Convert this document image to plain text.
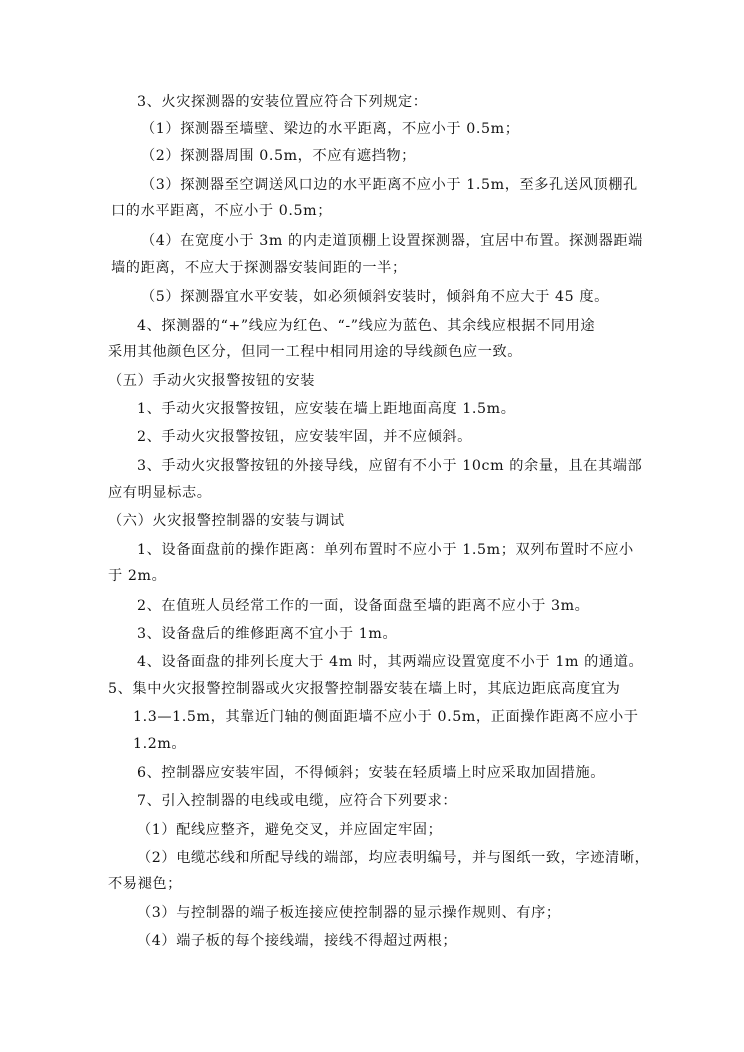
3、火灾探测器的安装位置应符合下列规定：

（1）探测器至墙壁、梁边的水平距离，不应小于 0.5m；

（2）探测器周围 0.5m，不应有遮挡物；

（3）探测器至空调送风口边的水平距离不应小于 1.5m，至多孔送风顶棚孔

口的水平距离，不应小于 0.5m；

（4）在宽度小于 3m 的内走道顶棚上设置探测器，宜居中布置。探测器距端

墙的距离，不应大于探测器安装间距的一半；

（5）探测器宜水平安装，如必须倾斜安装时，倾斜角不应大于 45 度。

4、探测器的“+”线应为红色、“-”线应为蓝色、其余线应根据不同用途

采用其他颜色区分，但同一工程中相同用途的导线颜色应一致。

（五）手动火灾报警按钮的安装

1、手动火灾报警按钮，应安装在墙上距地面高度 1.5m。

2、手动火灾报警按钮，应安装牢固，并不应倾斜。

3、手动火灾报警按钮的外接导线，应留有不小于 10cm 的余量，且在其端部

应有明显标志。

（六）火灾报警控制器的安装与调试

1、设备面盘前的操作距离：单列布置时不应小于 1.5m；双列布置时不应小

于 2m。

2、在值班人员经常工作的一面，设备面盘至墙的距离不应小于 3m。

3、设备盘后的维修距离不宜小于 1m。

4、设备面盘的排列长度大于 4m 时，其两端应设置宽度不小于 1m 的通道。

5、集中火灾报警控制器或火灾报警控制器安装在墙上时，其底边距底高度宜为

1.3—1.5m，其靠近门轴的侧面距墙不应小于 0.5m，正面操作距离不应小于

1.2m。

6、控制器应安装牢固，不得倾斜；安装在轻质墙上时应采取加固措施。

7、引入控制器的电线或电缆，应符合下列要求：

（1）配线应整齐，避免交叉，并应固定牢固；

（2）电缆芯线和所配导线的端部，均应表明编号，并与图纸一致，字迹清晰，

不易褪色；

（3）与控制器的端子板连接应使控制器的显示操作规则、有序；

（4）端子板的每个接线端，接线不得超过两根；
